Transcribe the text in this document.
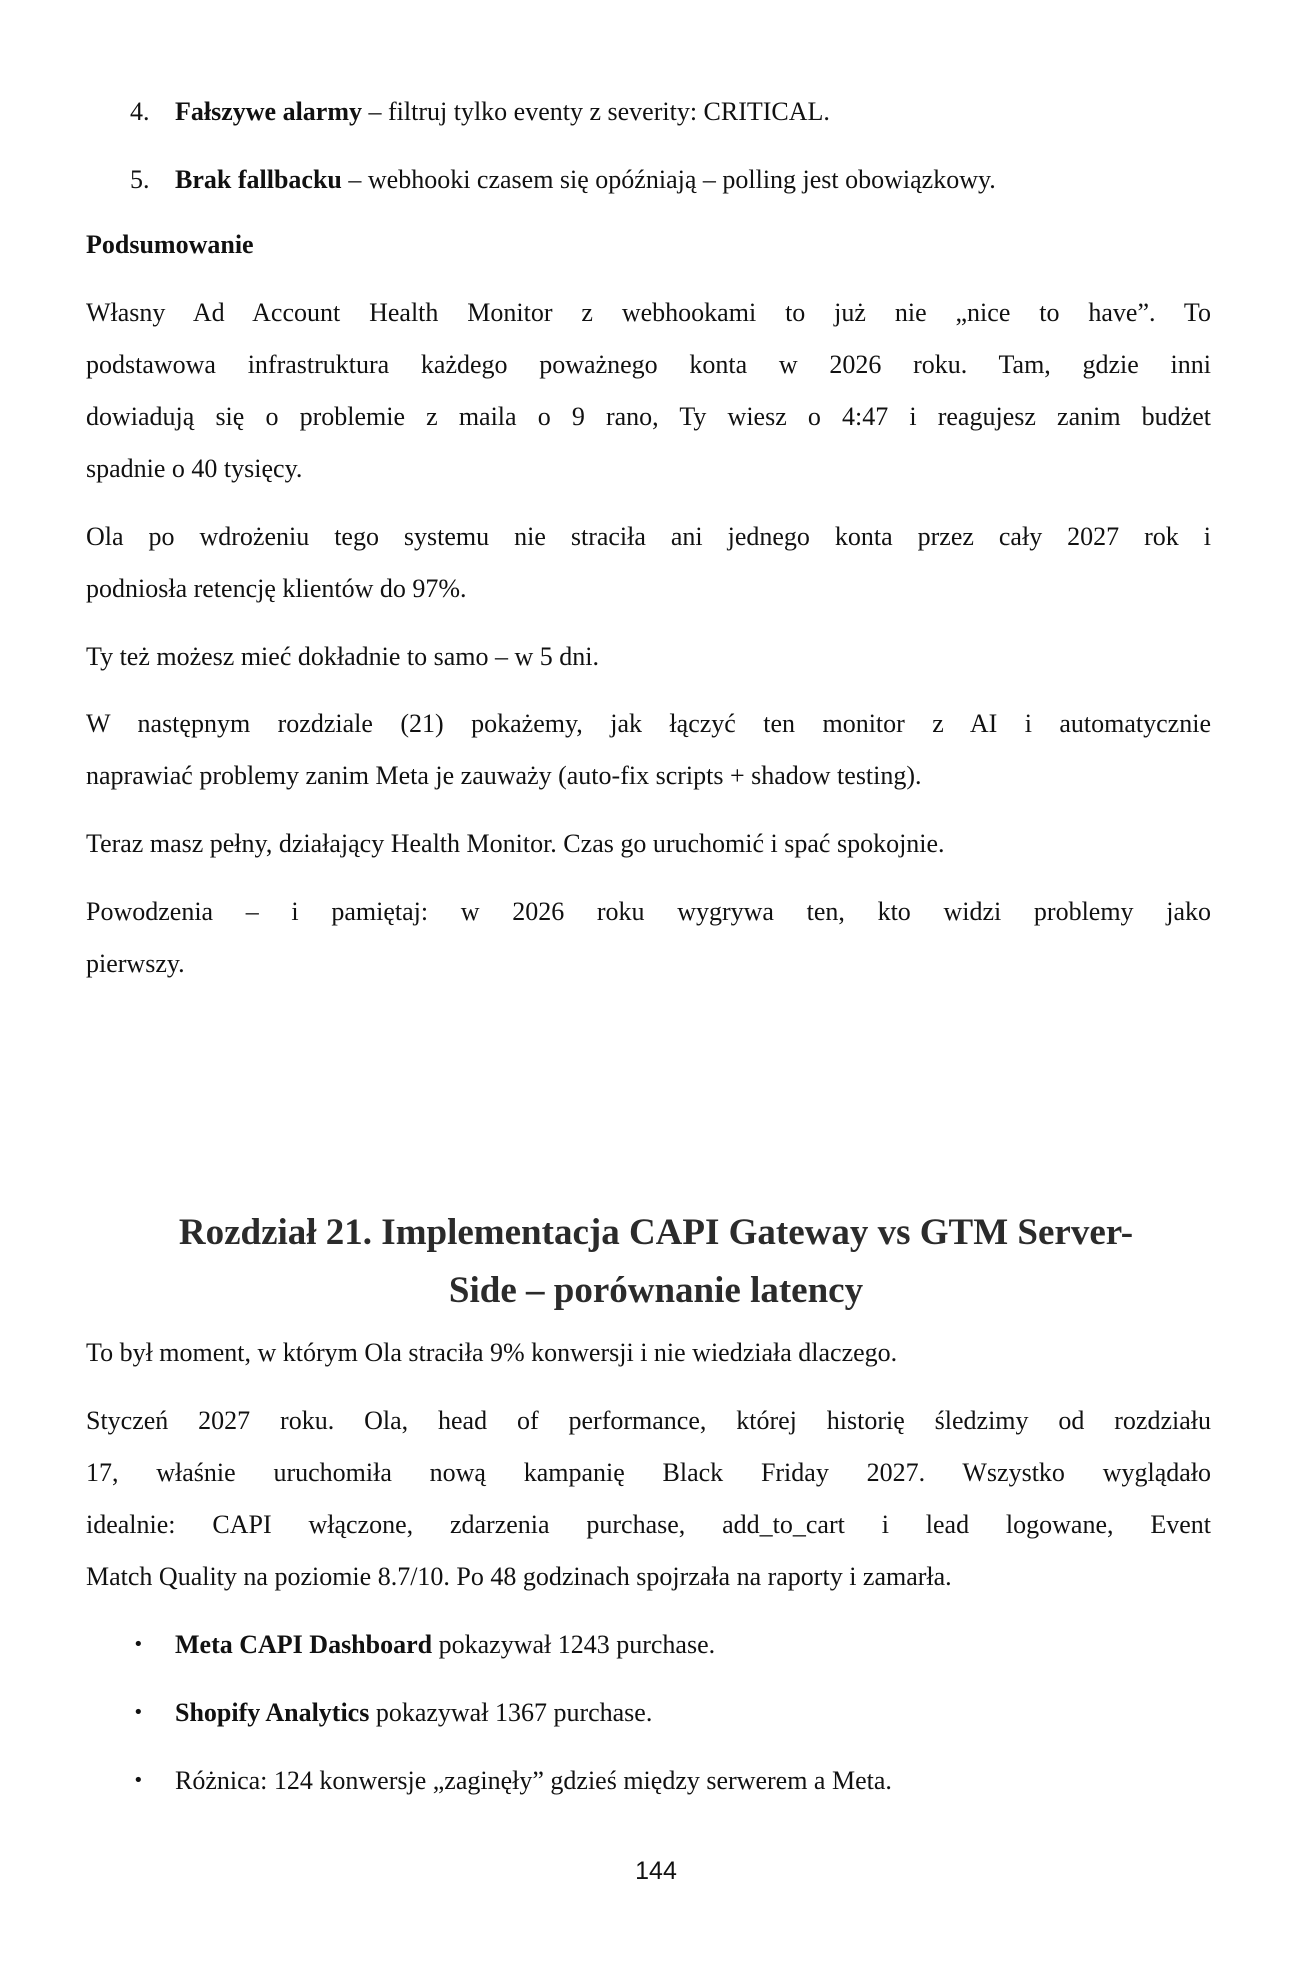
4. Fałszywe alarmy – filtruj tylko eventy z severity: CRITICAL.
5. Brak fallbacku – webhooki czasem się opóźniają – polling jest obowiązkowy.
Podsumowanie
Własny Ad Account Health Monitor z webhookami to już nie „nice to have”. To
podstawowa infrastruktura każdego poważnego konta w 2026 roku. Tam, gdzie inni
dowiadują się o problemie z maila o 9 rano, Ty wiesz o 4:47 i reagujesz zanim budżet
spadnie o 40 tysięcy.
Ola po wdrożeniu tego systemu nie straciła ani jednego konta przez cały 2027 rok i
podniosła retencję klientów do 97%.
Ty też możesz mieć dokładnie to samo – w 5 dni.
W następnym rozdziale (21) pokażemy, jak łączyć ten monitor z AI i automatycznie
naprawiać problemy zanim Meta je zauważy (auto-fix scripts + shadow testing).
Teraz masz pełny, działający Health Monitor. Czas go uruchomić i spać spokojnie.
Powodzenia – i pamiętaj: w 2026 roku wygrywa ten, kto widzi problemy jako
pierwszy.
Rozdział 21. Implementacja CAPI Gateway vs GTM Server-
Side – porównanie latency
To był moment, w którym Ola straciła 9% konwersji i nie wiedziała dlaczego.
Styczeń 2027 roku. Ola, head of performance, której historię śledzimy od rozdziału
17, właśnie uruchomiła nową kampanię Black Friday 2027. Wszystko wyglądało
idealnie: CAPI włączone, zdarzenia purchase, add_to_cart i lead logowane, Event
Match Quality na poziomie 8.7/10. Po 48 godzinach spojrzała na raporty i zamarła.
• Meta CAPI Dashboard pokazywał 1243 purchase.
• Shopify Analytics pokazywał 1367 purchase.
• Różnica: 124 konwersje „zaginęły” gdzieś między serwerem a Meta.
144
